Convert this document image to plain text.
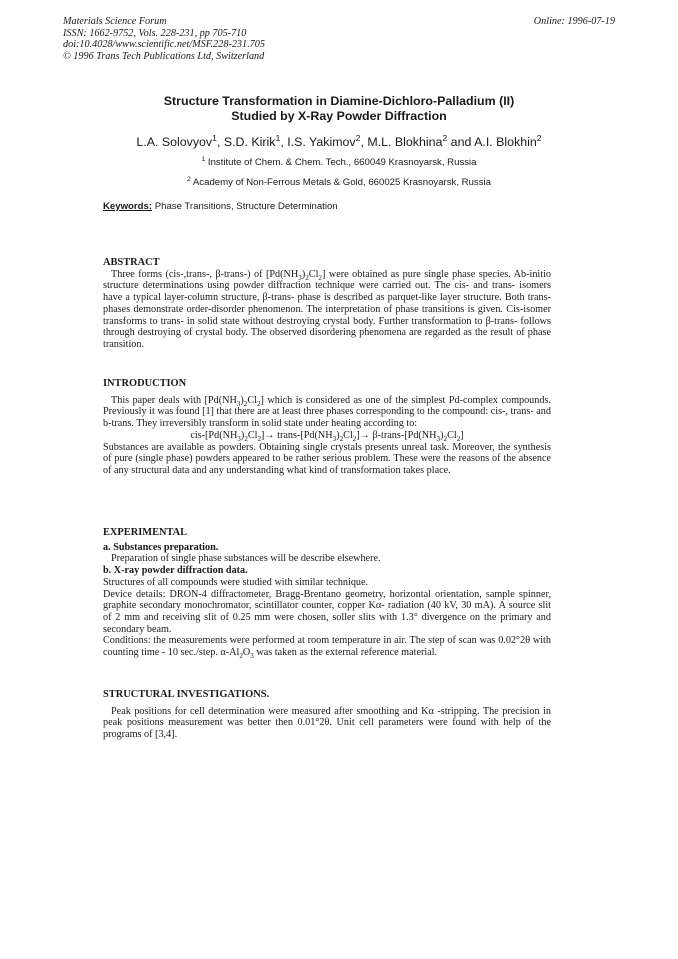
Materials Science Forum
ISSN: 1662-9752, Vols. 228-231, pp 705-710
doi:10.4028/www.scientific.net/MSF.228-231.705
© 1996 Trans Tech Publications Ltd, Switzerland
Online: 1996-07-19
Structure Transformation in Diamine-Dichloro-Palladium (II)
Studied by X-Ray Powder Diffraction
L.A. Solovyov$^1$, S.D. Kirik$^1$, I.S. Yakimov$^2$, M.L. Blokhina$^2$ and A.I. Blokhin$^2$
$^1$ Institute of Chem. & Chem. Tech., 660049 Krasnoyarsk, Russia
$^2$ Academy of Non-Ferrous Metals & Gold, 660025 Krasnoyarsk, Russia
Keywords: Phase Transitions, Structure Determination

ABSTRACT

Three forms (cis-,trans-, β-trans-) of $[Pd(NH_3)_2Cl_2]$ were obtained as pure single phase species. Ab-initio structure determinations using powder diffraction technique were carried out. The cis- and trans- isomers have a typical layer-column structure, β-trans- phase is described as parquet-like layer structure. Both trans- phases demonstrate order-disorder phenomenon. The interpretation of phase transitions is given. Cis-isomer transforms to trans- in solid state without destroying crystal body. Further transformation to β-trans- follows through destroying of crystal body. The observed disordering phenomena are regarded as the result of phase transition.

INTRODUCTION

This paper deals with $[Pd(NH_3)_2Cl_2]$ which is considered as one of the simplest Pd-complex compounds. Previously it was found [1] that there are at least three phases corresponding to the compound: cis-, trans- and b-trans. They irreversibly transform in solid state under heating according to:

cis-$[Pd(NH_3)_2Cl_2]\to$ trans-$[Pd(NH_3)_2Cl_2]\to$ $\beta-trans-[Pd(NH_3)_2Cl_2]$

Substances are available as powders. Obtaining single crystals presents unreal task. Moreover, the synthesis of pure (single phase) powders appeared to be rather serious problem. These were the reasons of the absence of any structural data and any understanding what kind of transformation takes place.

EXPERIMENTAL

a. Substances preparation.

Preparation of single phase substances will be describe elsewhere.

b. X-ray powder diffraction data.

Structures of all compounds were studied with similar technique.

Device details: DRON-4 diffractometer, Bragg-Brentano geometry, horizontal orientation, sample spinner, graphite secondary monochromator, scintillator counter, copper Kα- radiation (40 kV, 30 mA). A source slit of 2 mm and receiving slit of 0.25 mm were chosen, soller slits with 1.3° divergence on the primary and secondary beam.

Conditions: the measurements were performed at room temperature in air. The step of scan was 0.02°2θ with counting time - 10 sec./step. $\alpha-Al_2O_3$ was taken as the external reference material.

STRUCTURAL INVESTIGATIONS.

Peak positions for cell determination were measured after smoothing and Kα -stripping. The precision in peak positions measurement was better then 0.01°2θ. Unit cell parameters were found with help of the programs of [3,4].
